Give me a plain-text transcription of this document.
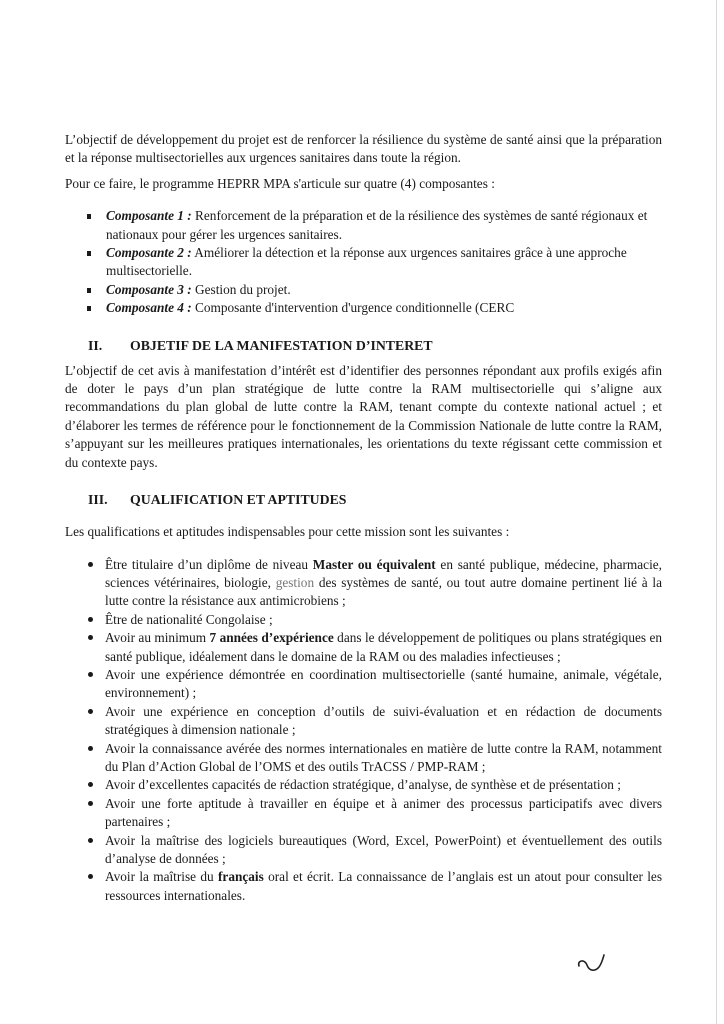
L’objectif de développement du projet est de renforcer la résilience du système de santé ainsi que la préparation et la réponse multisectorielles aux urgences sanitaires dans toute la région.

Pour ce faire, le programme HEPRR MPA s'articule sur quatre (4) composantes :

Composante 1 : Renforcement de la préparation et de la résilience des systèmes de santé régionaux et nationaux pour gérer les urgences sanitaires.
Composante 2 : Améliorer la détection et la réponse aux urgences sanitaires grâce à une approche multisectorielle.
Composante 3 : Gestion du projet.
Composante 4 : Composante d'intervention d'urgence conditionnelle (CERC
II. OBJETIF DE LA MANIFESTATION D’INTERET

L’objectif de cet avis à manifestation d’intérêt est d’identifier des personnes répondant aux profils exigés afin de doter le pays d’un plan stratégique de lutte contre la RAM multisectorielle qui s’aligne aux recommandations du plan global de lutte contre la RAM, tenant compte du contexte national actuel ; et d’élaborer les termes de référence pour le fonctionnement de la Commission Nationale de lutte contre la RAM, s’appuyant sur les meilleures pratiques internationales, les orientations du texte régissant cette commission et du contexte pays.

III. QUALIFICATION ET APTITUDES

Les qualifications et aptitudes indispensables pour cette mission sont les suivantes :

Être titulaire d’un diplôme de niveau Master ou équivalent en santé publique, médecine, pharmacie, sciences vétérinaires, biologie, gestion des systèmes de santé, ou tout autre domaine pertinent lié à la lutte contre la résistance aux antimicrobiens ;
Être de nationalité Congolaise ;
Avoir au minimum 7 années d’expérience dans le développement de politiques ou plans stratégiques en santé publique, idéalement dans le domaine de la RAM ou des maladies infectieuses ;
Avoir une expérience démontrée en coordination multisectorielle (santé humaine, animale, végétale, environnement) ;
Avoir une expérience en conception d’outils de suivi-évaluation et en rédaction de documents stratégiques à dimension nationale ;
Avoir la connaissance avérée des normes internationales en matière de lutte contre la RAM, notamment du Plan d’Action Global de l’OMS et des outils TrACSS / PMP-RAM ;
Avoir d’excellentes capacités de rédaction stratégique, d’analyse, de synthèse et de présentation ;
Avoir une forte aptitude à travailler en équipe et à animer des processus participatifs avec divers partenaires ;
Avoir la maîtrise des logiciels bureautiques (Word, Excel, PowerPoint) et éventuellement des outils d’analyse de données ;
Avoir la maîtrise du français oral et écrit. La connaissance de l’anglais est un atout pour consulter les ressources internationales.
